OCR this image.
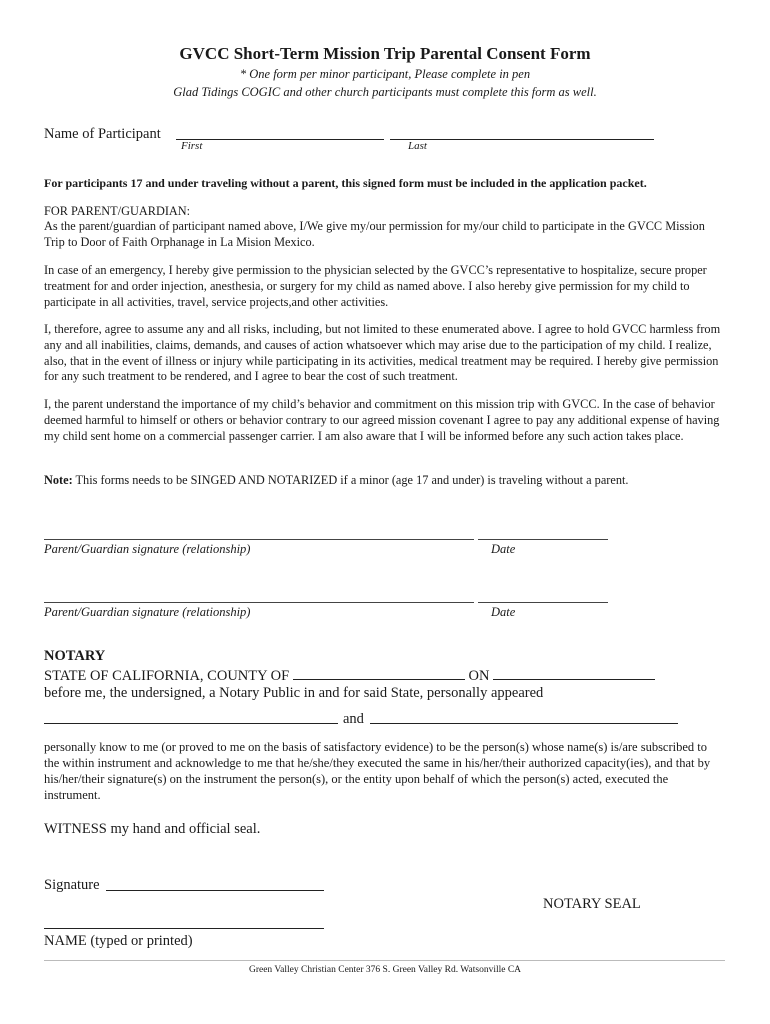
GVCC Short-Term Mission Trip Parental Consent Form
* One form per minor participant, Please complete in pen
Glad Tidings COGIC and other church participants must complete this form as well.
Name of Participant
First	Last
For participants 17 and under traveling without a parent, this signed form must be included in the application packet.
FOR PARENT/GUARDIAN:
As the parent/guardian of participant named above, I/We give my/our permission for my/our child to participate in the GVCC Mission Trip to Door of Faith Orphanage in La Mision Mexico.
In case of an emergency, I hereby give permission to the physician selected by the GVCC’s representative to hospitalize, secure proper treatment for and order injection, anesthesia, or surgery for my child as named above. I also hereby give permission for my child to participate in all activities, travel, service projects,and other activities.
I, therefore, agree to assume any and all risks, including, but not limited to these enumerated above. I agree to hold GVCC harmless from any and all inabilities, claims, demands, and causes of action whatsoever which may arise due to the participation of my child. I realize, also, that in the event of illness or injury while participating in its activities, medical treatment may be required. I hereby give permission for any such treatment to be rendered, and I agree to bear the cost of such treatment.
I, the parent understand the importance of my child’s behavior and commitment on this mission trip with GVCC. In the case of behavior deemed harmful to himself or others or behavior contrary to our agreed mission covenant I agree to pay any additional expense of having my child sent home on a commercial passenger carrier. I am also aware that I will be informed before any such action takes place.
Note: This forms needs to be SINGED AND NOTARIZED if a minor (age 17 and under) is traveling without a parent.
Parent/Guardian signature (relationship)	Date
Parent/Guardian signature (relationship)	Date
NOTARY
STATE OF CALIFORNIA, COUNTY OF	ON
before me, the undersigned, a Notary Public in and for said State, personally appeared
and
personally know to me (or proved to me on the basis of satisfactory evidence) to be the person(s) whose name(s) is/are subscribed to the within instrument and acknowledge to me that he/she/they executed the same in his/her/their authorized capacity(ies), and that by his/her/their signature(s) on the instrument the person(s), or the entity upon behalf of which the person(s) acted, executed the instrument.
WITNESS my hand and official seal.
Signature
NOTARY SEAL
NAME (typed or printed)
Green Valley Christian Center 376 S. Green Valley Rd. Watsonville CA
